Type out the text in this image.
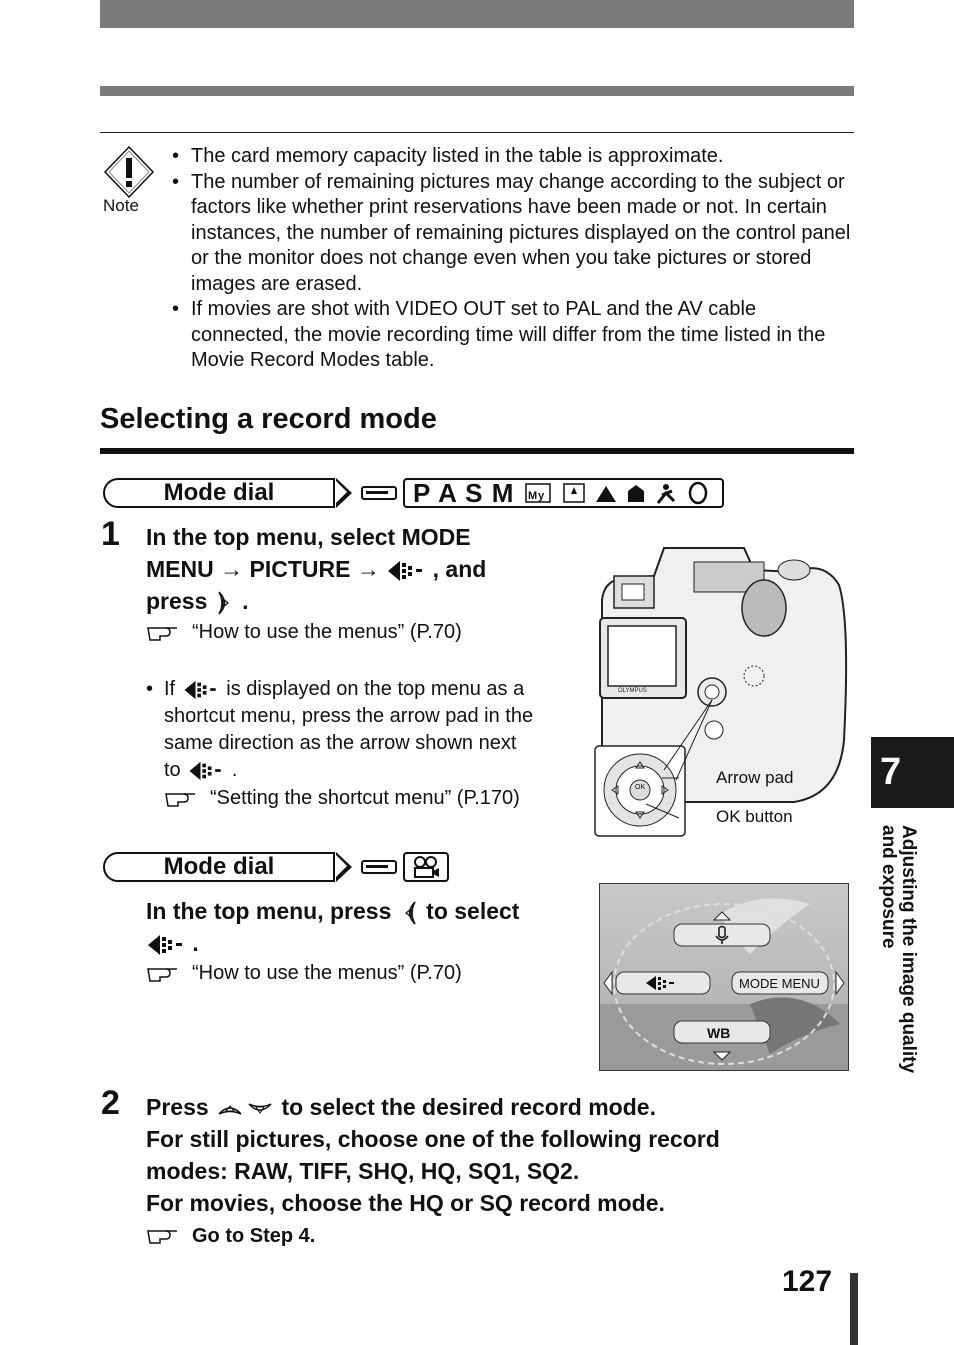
Note
• The card memory capacity listed in the table is approximate.
• The number of remaining pictures may change according to the subject or factors like whether print reservations have been made or not. In certain instances, the number of remaining pictures displayed on the control panel or the monitor does not change even when you take pictures or stored images are erased.
• If movies are shot with VIDEO OUT set to PAL and the AV cable connected, the movie recording time will differ from the time listed in the Movie Record Modes table.
Selecting a record mode
Mode dial	P A S M My
1 In the top menu, select MODE
MENU → PICTURE → , and
press .
“How to use the menus” (P.70)
• If	is displayed on the top menu as a
shortcut menu, press the arrow pad in the
same direction as the arrow shown next
to	.
“Setting the shortcut menu” (P.170)
OLYMPUS
OK
Arrow pad
OK button
Mode dial
In the top menu, press to select
.
“How to use the menus” (P.70)	MODE MENU
WB
2 Press	to select the desired record mode.
For still pictures, choose one of the following record
modes: RAW, TIFF, SHQ, HQ, SQ1, SQ2.
For movies, choose the HQ or SQ record mode.
Go to Step 4.
7
Adjusting the image quality
and exposure
127
